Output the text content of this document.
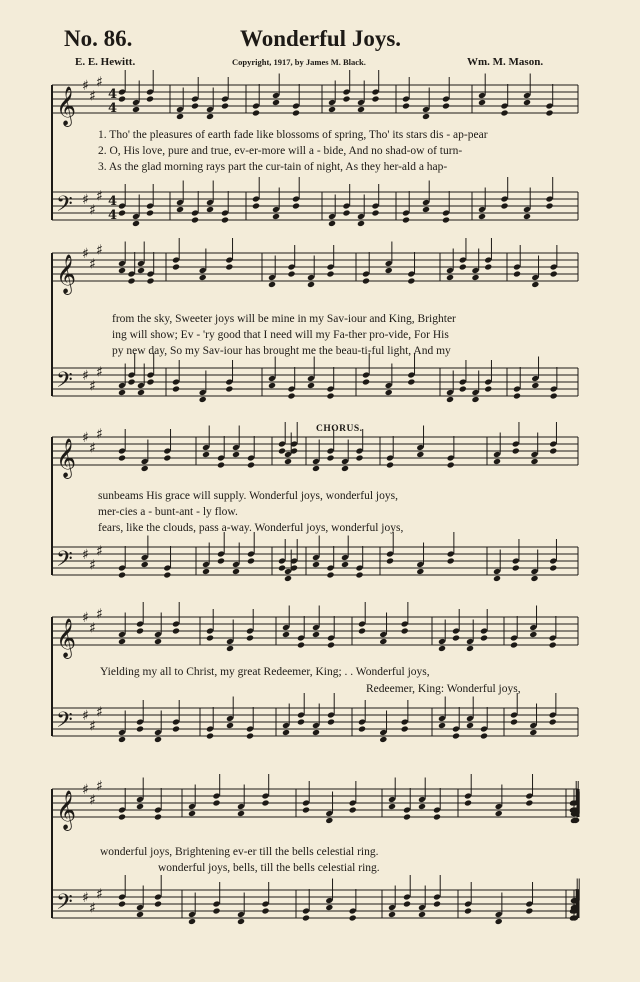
No. 86.	Wonderful Joys.
E. E. Hewitt.	Copyright, 1917, by James M. Black.	Wm. M. Mason.
𝄞
𝄢
♯
♯
♯
♯
♯
♯
4
4
4
4
𝄞
𝄢
♯
♯
♯
♯
♯
♯
𝄞
𝄢
♯
♯
♯
♯
♯
♯
𝄞
𝄢
♯
♯
♯
♯
♯
♯
𝄞
𝄢
♯
♯
♯
♯
♯
♯
1. Tho' the pleasures of earth fade like blossoms of spring, Tho' its stars dis - ap-pear
2. O, His love, pure and true, ev-er-more will a - bide, And no shad-ow of turn-
3. As the glad morning rays part the cur-tain of night, As they her-ald a hap-
from the sky, Sweeter joys will be mine in my Sav-iour and King, Brighter
ing will show; Ev - 'ry good that I need will my Fa-ther pro-vide, For His
py new day, So my Sav-iour has brought me the beau-ti-ful light, And my
CHORUS.
sunbeams His grace will supply. Wonderful joys, wonderful joys,
mer-cies a - bunt-ant - ly flow.
fears, like the clouds, pass a-way. Wonderful joys, wonderful joys,
Yielding my all to Christ, my great Redeemer, King; . . Wonderful joys,
Redeemer, King: Wonderful joys,
wonderful joys, Brightening ev-er till the bells celestial ring.
wonderful joys, bells, till the bells celestial ring.
